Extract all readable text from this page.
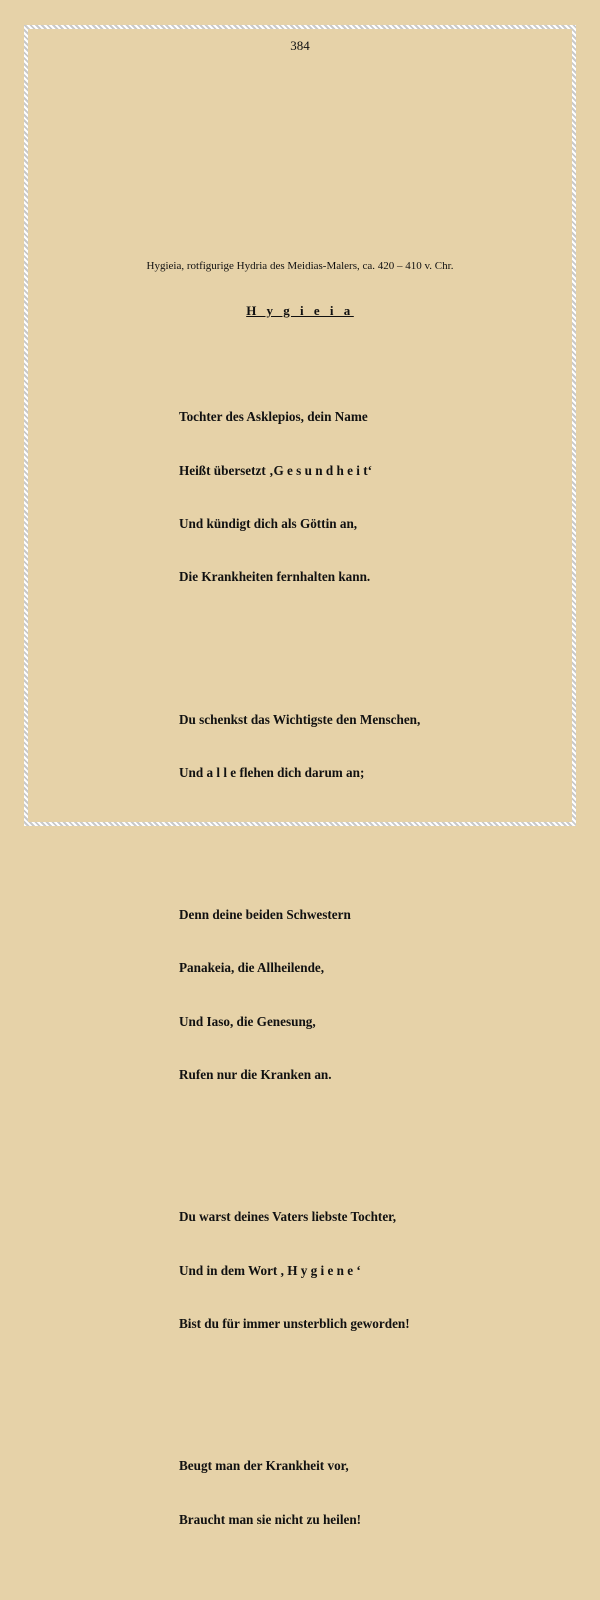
384
Hygieia, rotfigurige Hydria des Meidias-Malers, ca. 420 – 410 v. Chr.
H y g i e i a

Tochter des Asklepios, dein Name

Heißt übersetzt ‚G e s u n d h e i t‘

Und kündigt dich als Göttin an,

Die Krankheiten fernhalten kann.

Du schenkst das Wichtigste den Menschen,

Und a l l e flehen dich darum an;

Denn deine beiden Schwestern

Panakeia, die Allheilende,

Und Iaso, die Genesung,

Rufen nur die Kranken an.

Du warst deines Vaters liebste Tochter,

Und in dem Wort , H y g i e n e ‘

Bist du für immer unsterblich geworden!

Beugt man der Krankheit vor,

Braucht man sie nicht zu heilen!
